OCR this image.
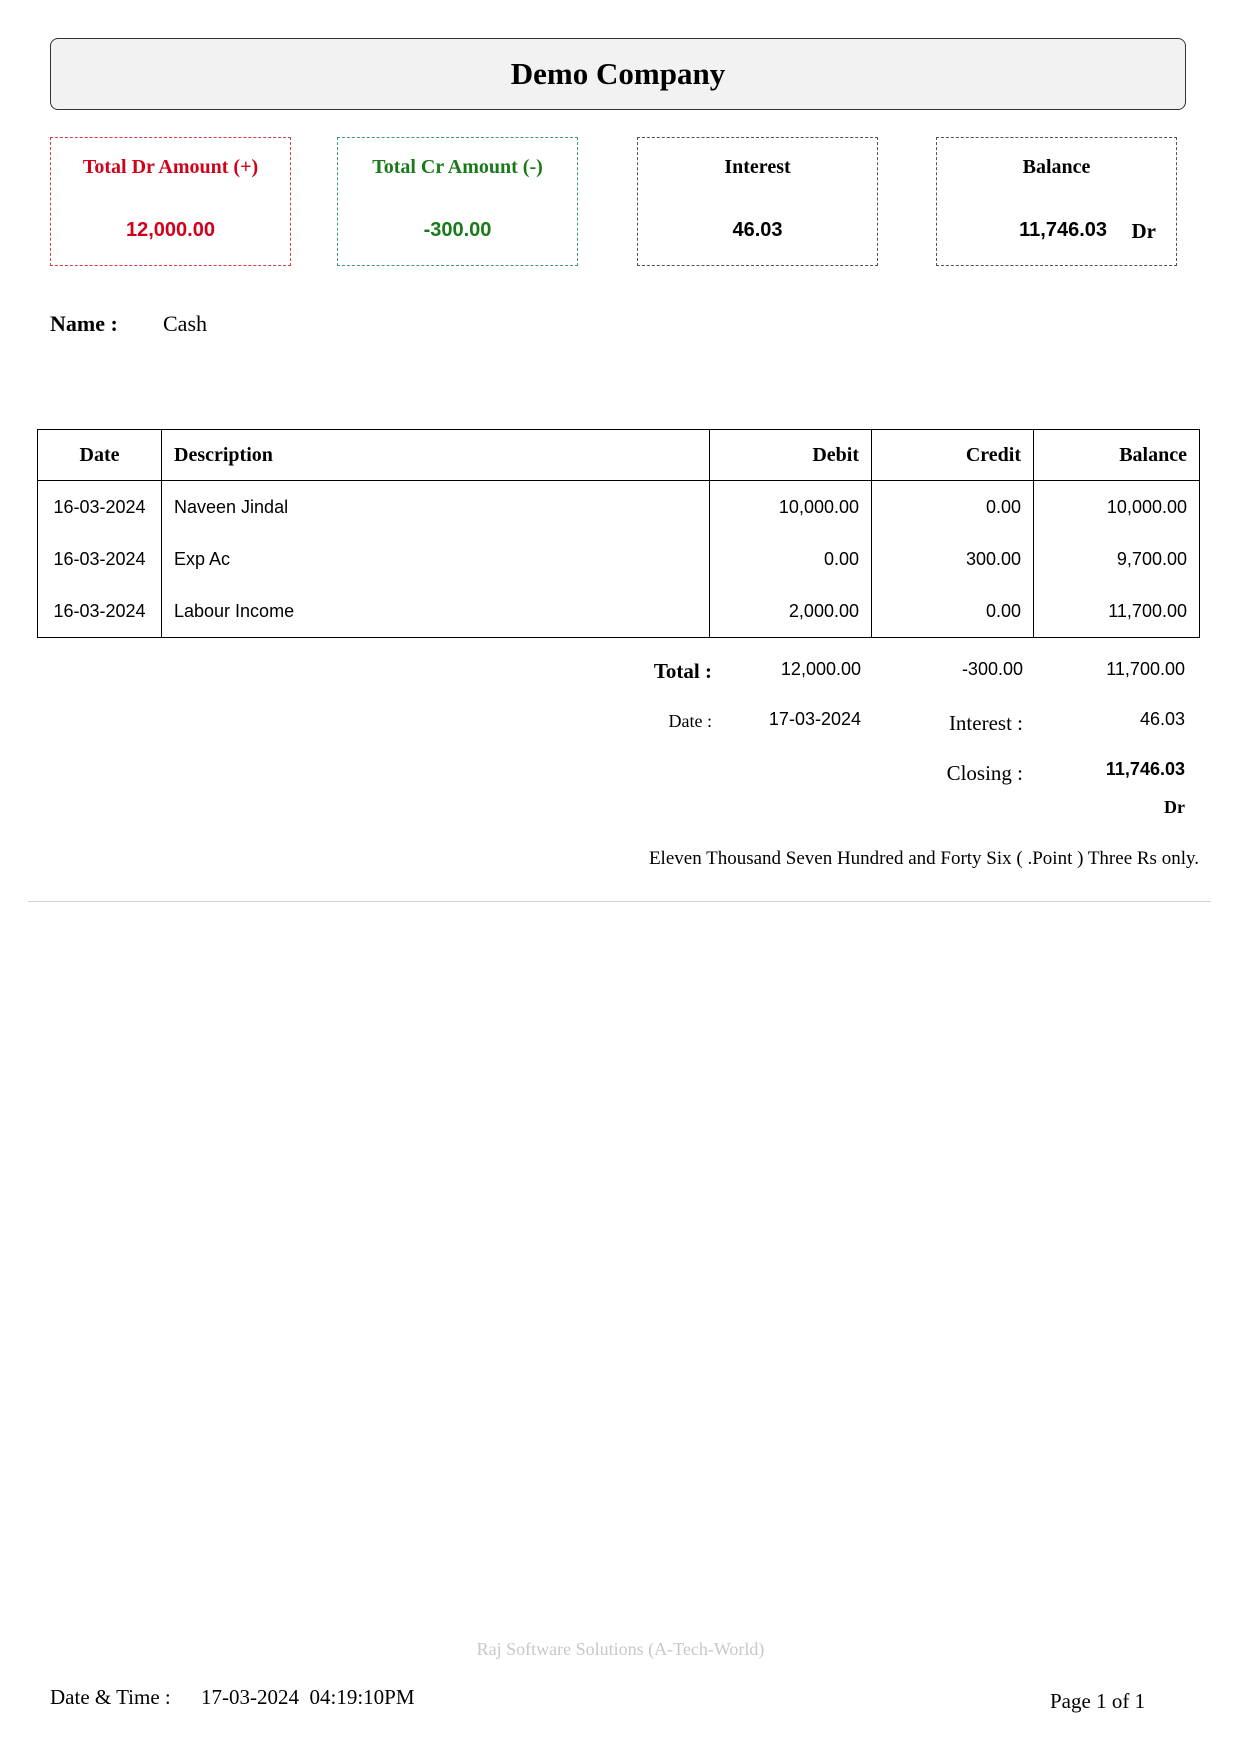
Demo Company
Total Dr Amount (+)
12,000.00
Total Cr Amount (-)
-300.00
Interest
46.03
Balance
11,746.03 Dr
Name : Cash
Date	Description	Debit	Credit	Balance
16-03-2024	Naveen Jindal	10,000.00	0.00	10,000.00
16-03-2024	Exp Ac	0.00	300.00	9,700.00
16-03-2024	Labour Income	2,000.00	0.00	11,700.00
Total :	12,000.00	-300.00	11,700.00
Date :	17-03-2024	Interest :	46.03
Closing :	11,746.03
Dr
Eleven Thousand Seven Hundred and Forty Six ( .Point ) Three Rs only.
Raj Software Solutions (A-Tech-World)
Date & Time : 17-03-2024  04:19:10PM	Page 1 of 1
